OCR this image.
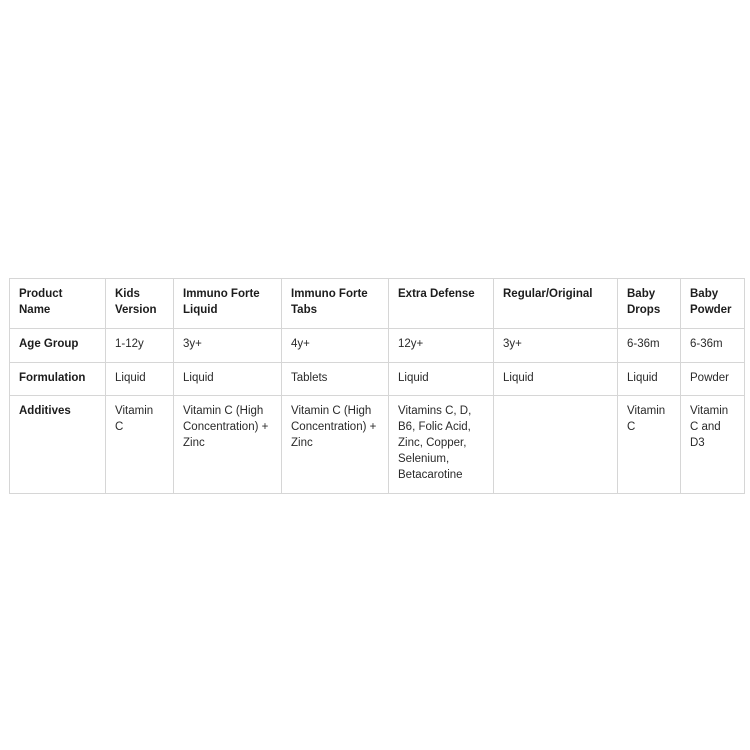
Product Name	Kids Version	Immuno Forte Liquid	Immuno Forte Tabs	Extra Defense	Regular/Original	Baby Drops	Baby Powder
Age Group	1-12y	3y+	4y+	12y+	3y+	6-36m	6-36m
Formulation	Liquid	Liquid	Tablets	Liquid	Liquid	Liquid	Powder
Additives	Vitamin C	Vitamin C (High Concentration) + Zinc	Vitamin C (High Concentration) + Zinc	Vitamins C, D, B6, Folic Acid, Zinc, Copper, Selenium, Betacarotine		Vitamin C	Vitamin C and D3
